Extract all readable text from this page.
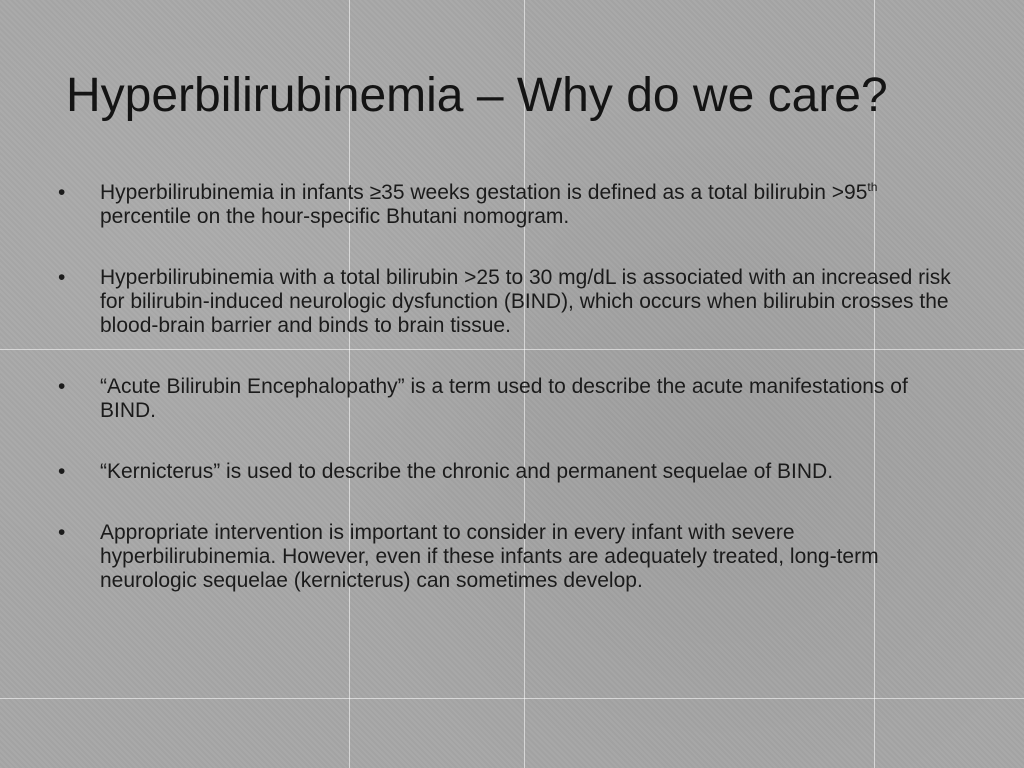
Hyperbilirubinemia – Why do we care?
•	Hyperbilirubinemia in infants ≥35 weeks gestation is defined as a total bilirubin >95th percentile on the hour-specific Bhutani nomogram.
•	Hyperbilirubinemia with a total bilirubin >25 to 30 mg/dL is associated with an increased risk for bilirubin-induced neurologic dysfunction (BIND), which occurs when bilirubin crosses the blood-brain barrier and binds to brain tissue.
•	“Acute Bilirubin Encephalopathy” is a term used to describe the acute manifestations of BIND.
•	“Kernicterus” is used to describe the chronic and permanent sequelae of BIND.
•	Appropriate intervention is important to consider in every infant with severe hyperbilirubinemia. However, even if these infants are adequately treated, long-term neurologic sequelae (kernicterus) can sometimes develop.
